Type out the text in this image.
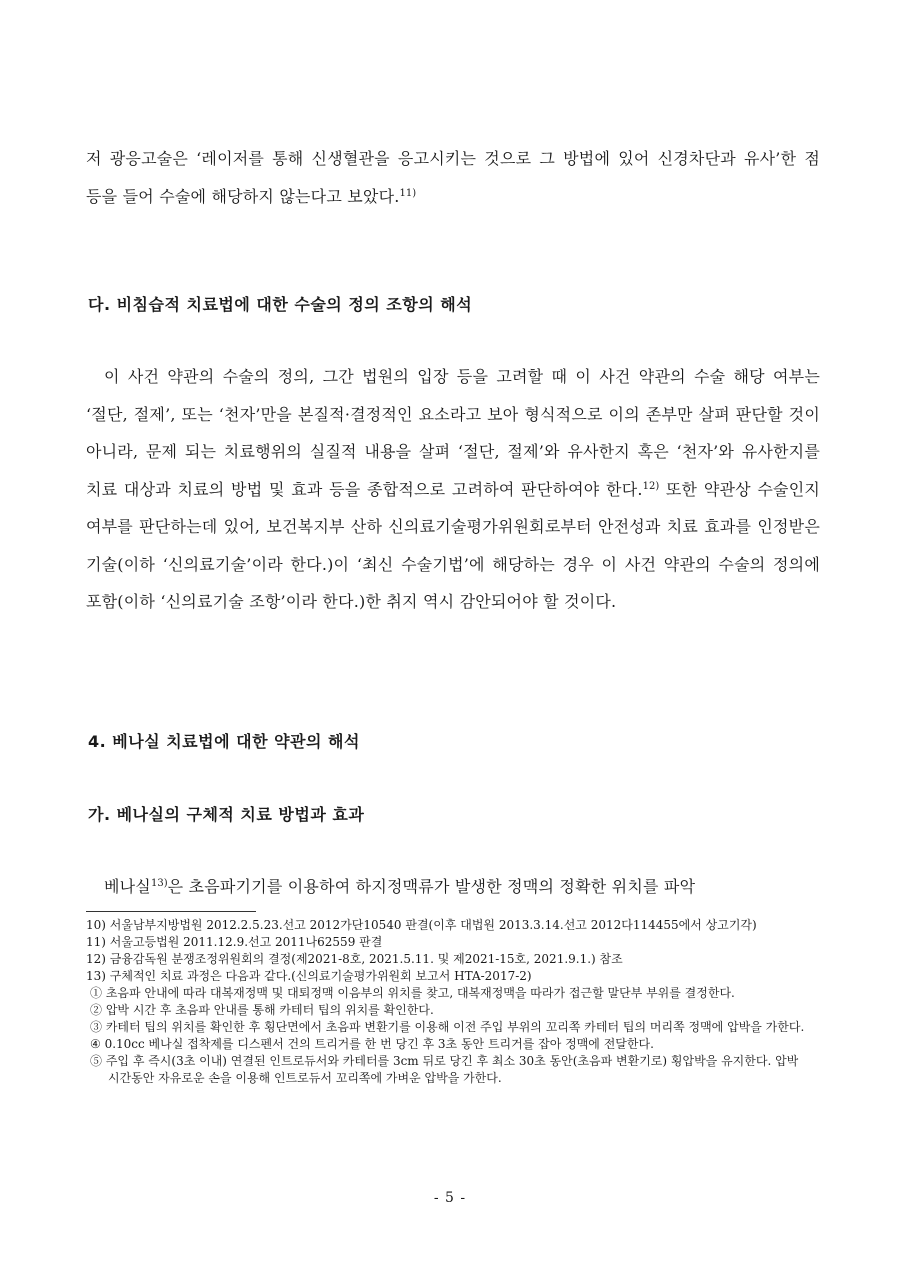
저 광응고술은 ‘레이저를 통해 신생혈관을 응고시키는 것으로 그 방법에 있어 신경차단과 유사’한 점 등을 들어 수술에 해당하지 않는다고 보았다.$^{11)}$

다. 비침습적 치료법에 대한 수술의 정의 조항의 해석

이 사건 약관의 수술의 정의, 그간 법원의 입장 등을 고려할 때 이 사건 약관의 수술 해당 여부는 ‘절단, 절제’, 또는 ‘천자’만을 본질적·결정적인 요소라고 보아 형식적으로 이의 존부만 살펴 판단할 것이 아니라, 문제 되는 치료행위의 실질적 내용을 살펴 ‘절단, 절제’와 유사한지 혹은 ‘천자’와 유사한지를 치료 대상과 치료의 방법 및 효과 등을 종합적으로 고려하여 판단하여야 한다.$^{12)}$ 또한 약관상 수술인지 여부를 판단하는데 있어, 보건복지부 산하 신의료기술평가위원회로부터 안전성과 치료 효과를 인정받은 기술(이하 ‘신의료기술’이라 한다.)이 ‘최신 수술기법’에 해당하는 경우 이 사건 약관의 수술의 정의에 포함(이하 ‘신의료기술 조항’이라 한다.)한 취지 역시 감안되어야 할 것이다.

4. 베나실 치료법에 대한 약관의 해석
가. 베나실의 구체적 치료 방법과 효과

베나실$^{13)}$은 초음파기기를 이용하여 하지정맥류가 발생한 정맥의 정확한 위치를 파악

10) 서울남부지방법원 2012.2.5.23.선고 2012가단10540 판결(이후 대법원 2013.3.14.선고 2012다114455에서 상고기각)

11) 서울고등법원 2011.12.9.선고 2011나62559 판결

12) 금융감독원 분쟁조정위원회의 결정(제2021-8호, 2021.5.11. 및 제2021-15호, 2021.9.1.) 참조

13) 구체적인 치료 과정은 다음과 같다.(신의료기술평가위원회 보고서 HTA-2017-2)

① 초음파 안내에 따라 대복재정맥 및 대퇴정맥 이음부의 위치를 찾고, 대복재정맥을 따라가 접근할 말단부 부위를 결정한다.

② 압박 시간 후 초음파 안내를 통해 카테터 팁의 위치를 확인한다.

③ 카테터 팁의 위치를 확인한 후 횡단면에서 초음파 변환기를 이용해 이전 주입 부위의 꼬리쪽 카테터 팁의 머리쪽 정맥에 압박을 가한다.

④ 0.10cc 베나실 접착제를 디스펜서 건의 트리거를 한 번 당긴 후 3초 동안 트리거를 잡아 정맥에 전달한다.

⑤ 주입 후 즉시(3초 이내) 연결된 인트로듀서와 카테터를 3cm 뒤로 당긴 후 최소 30초 동안(초음파 변환기로) 횡압박을 유지한다. 압박 시간동안 자유로운 손을 이용해 인트로듀서 꼬리쪽에 가벼운 압박을 가한다.

- 5 -
